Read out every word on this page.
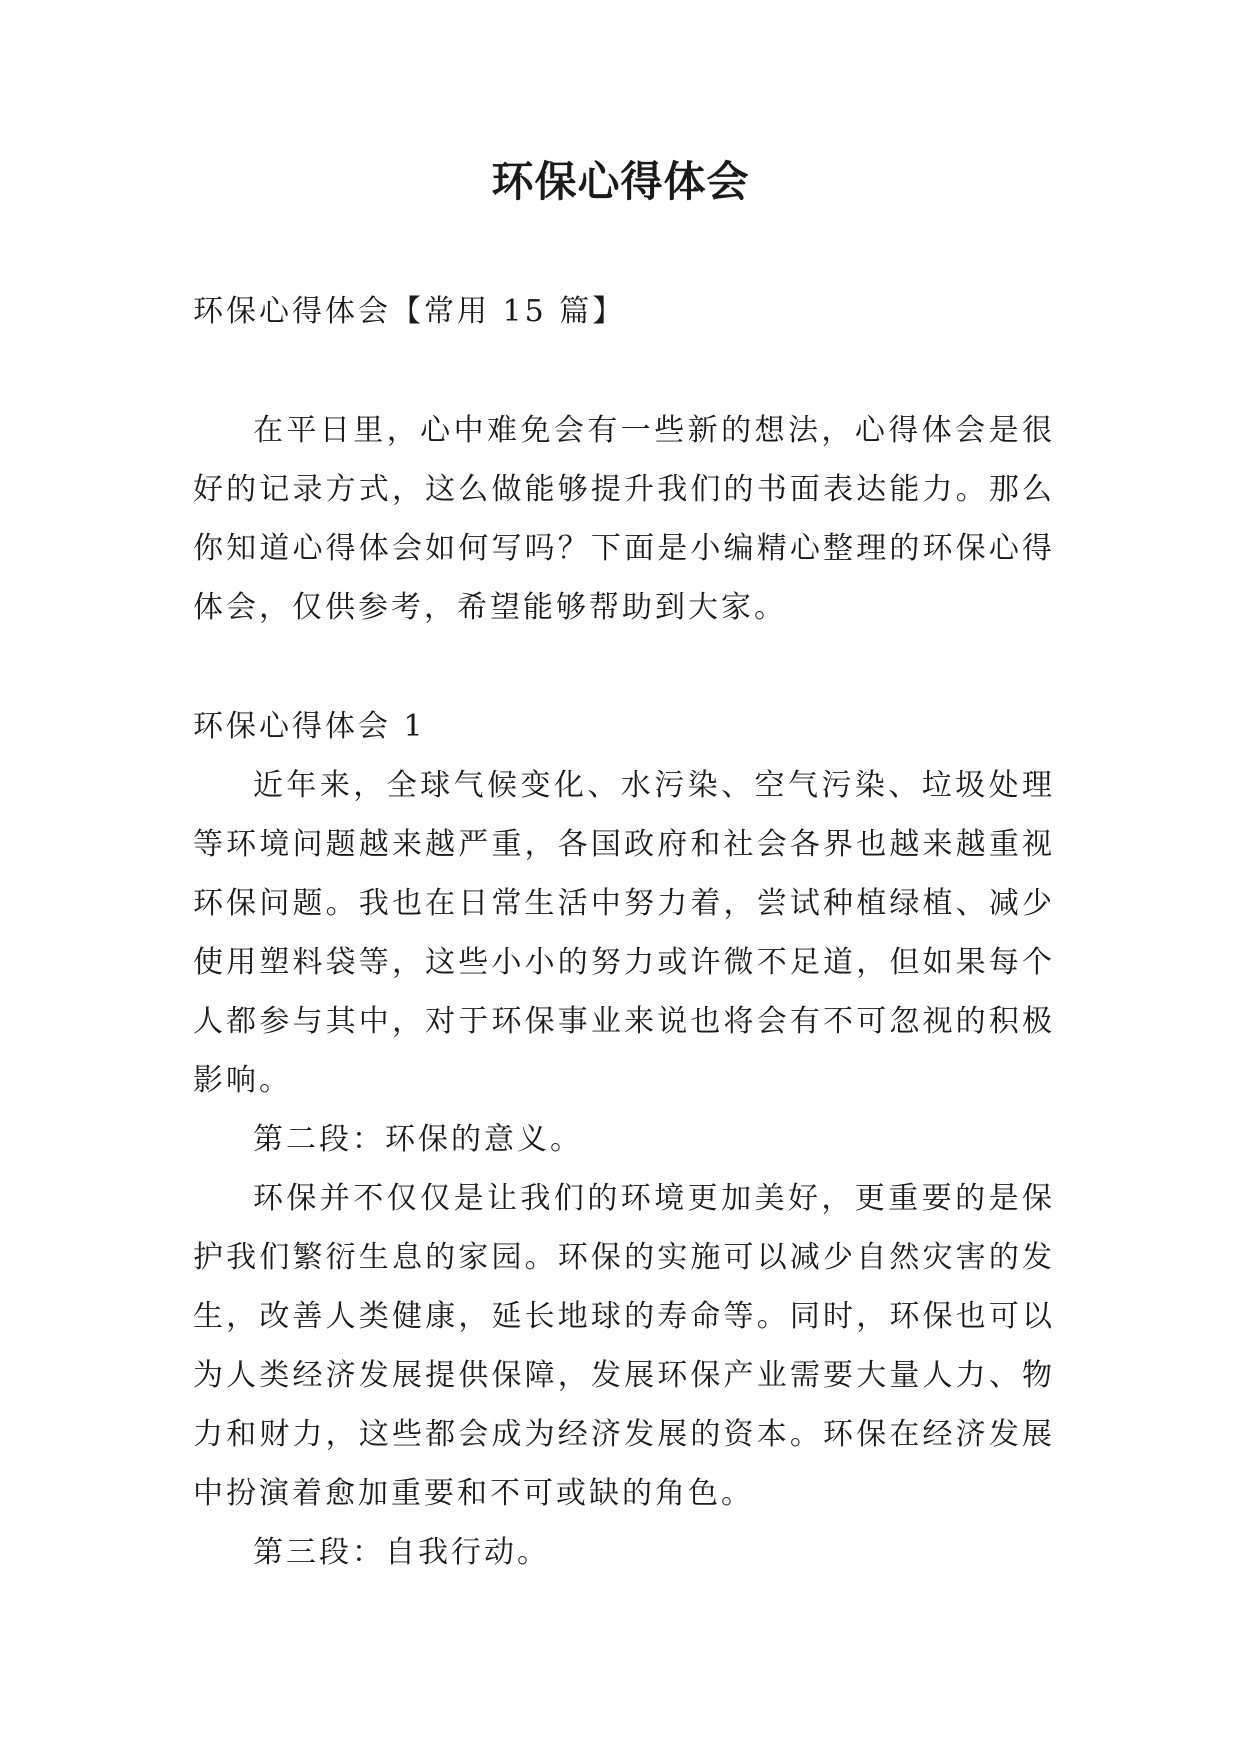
环保心得体会

环保心得体会【常用 15 篇】

在平日里，心中难免会有一些新的想法，心得体会是很好的记录方式，这么做能够提升我们的书面表达能力。那么你知道心得体会如何写吗？下面是小编精心整理的环保心得体会，仅供参考，希望能够帮助到大家。

环保心得体会 1

近年来，全球气候变化、水污染、空气污染、垃圾处理等环境问题越来越严重，各国政府和社会各界也越来越重视环保问题。我也在日常生活中努力着，尝试种植绿植、减少使用塑料袋等，这些小小的努力或许微不足道，但如果每个人都参与其中，对于环保事业来说也将会有不可忽视的积极影响。

第二段：环保的意义。

环保并不仅仅是让我们的环境更加美好，更重要的是保护我们繁衍生息的家园。环保的实施可以减少自然灾害的发生，改善人类健康，延长地球的寿命等。同时，环保也可以为人类经济发展提供保障，发展环保产业需要大量人力、物力和财力，这些都会成为经济发展的资本。环保在经济发展中扮演着愈加重要和不可或缺的角色。

第三段：自我行动。
